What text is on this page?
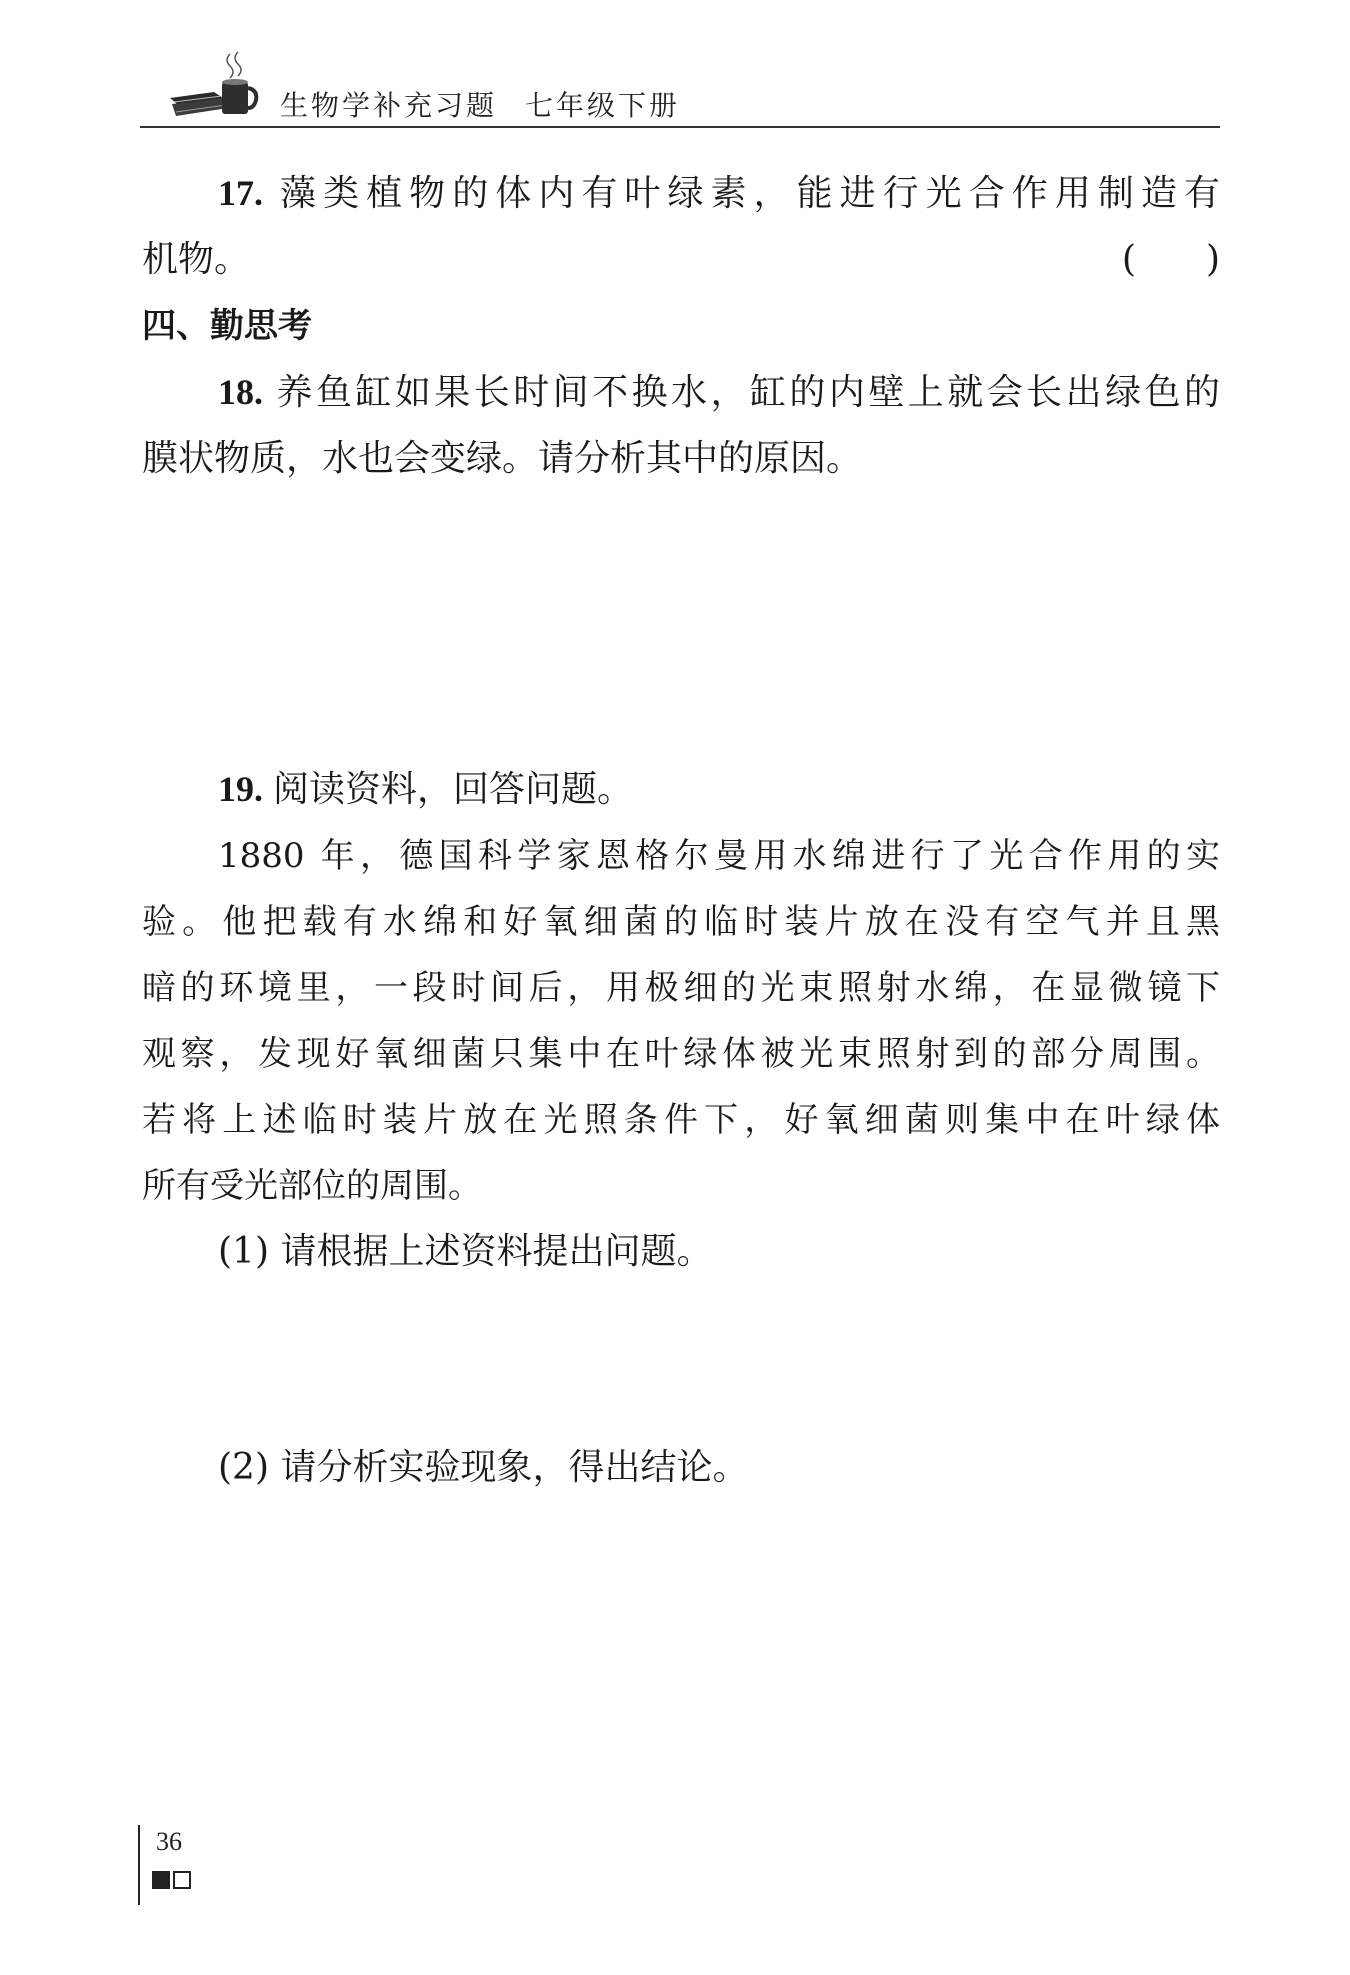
生物学补充习题 七年级下册
17. 藻类植物的体内有叶绿素，能进行光合作用制造有
机物。	( )
四、勤思考
18. 养鱼缸如果长时间不换水，缸的内壁上就会长出绿色的
膜状物质，水也会变绿。请分析其中的原因。
19. 阅读资料，回答问题。
1880 年，德国科学家恩格尔曼用水绵进行了光合作用的实
验。他把载有水绵和好氧细菌的临时装片放在没有空气并且黑
暗的环境里，一段时间后，用极细的光束照射水绵，在显微镜下
观察，发现好氧细菌只集中在叶绿体被光束照射到的部分周围。
若将上述临时装片放在光照条件下，好氧细菌则集中在叶绿体
所有受光部位的周围。
(1) 请根据上述资料提出问题。
(2) 请分析实验现象，得出结论。
36
